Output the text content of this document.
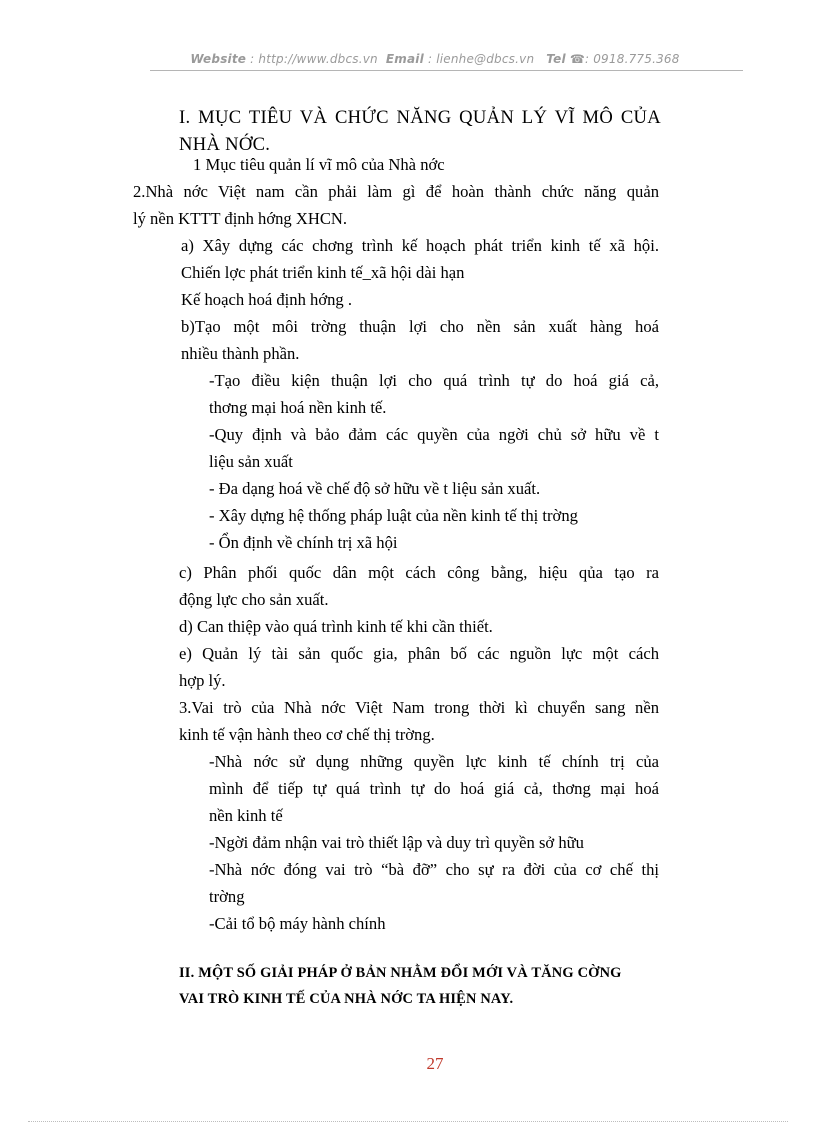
Website : http://www.dbcs.vn Email : lienhe@dbcs.vn Tel ☎: 0918.775.368
I. MỤC TIÊU VÀ CHỨC NĂNG QUẢN LÝ VĨ MÔ CỦA
NHÀ NỚC.
1 Mục tiêu quản lí vĩ mô của Nhà nớc
2.Nhà nớc Việt nam cần phải làm gì để hoàn thành chức năng quản
lý nền KTTT định hớng XHCN.
a) Xây dựng các chơng trình kế hoạch phát triển kinh tế xã hội.
Chiến lợc phát triển kinh tế_xã hội dài hạn
Kế hoạch hoá định hớng .
b)Tạo một môi trờng thuận lợi cho nền sản xuất hàng hoá
nhiều thành phần.
-Tạo điều kiện thuận lợi cho quá trình tự do hoá giá cả,
thơng mại hoá nền kinh tế.
-Quy định và bảo đảm các quyền của ngời chủ sở hữu về t
liệu sản xuất
- Đa dạng hoá về chế độ sở hữu về t liệu sản xuất.
- Xây dựng hệ thống pháp luật của nền kinh tế thị trờng
- Ổn định về chính trị xã hội
c) Phân phối quốc dân một cách công bằng, hiệu qủa tạo ra
động lực cho sản xuất.
d) Can thiệp vào quá trình kinh tế khi cần thiết.
e) Quản lý tài sản quốc gia, phân bố các nguồn lực một cách
hợp lý.
3.Vai trò của Nhà nớc Việt Nam trong thời kì chuyển sang nền
kinh tế vận hành theo cơ chế thị trờng.
-Nhà nớc sử dụng những quyền lực kinh tế chính trị của
mình để tiếp tự quá trình tự do hoá giá cả, thơng mại hoá
nền kinh tế
-Ngời đảm nhận vai trò thiết lập và duy trì quyền sở hữu
-Nhà nớc đóng vai trò “bà đỡ” cho sự ra đời của cơ chế thị
trờng
-Cải tổ bộ máy hành chính
II. MỘT SỐ GIẢI PHÁP Ở BẢN NHẰM ĐỔI MỚI VÀ TĂNG CỜNG
VAI TRÒ KINH TẾ CỦA NHÀ NỚC TA HIỆN NAY.
27
